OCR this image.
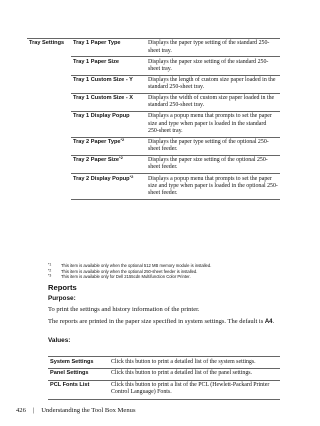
Tray Settings	Tray 1 Paper Type	Displays the paper type setting of the standard 250-sheet tray.
	Tray 1 Paper Size	Displays the paper size setting of the standard 250-sheet tray.
	Tray 1 Custom Size - Y	Displays the length of custom size paper loaded in the standard 250-sheet tray.
	Tray 1 Custom Size - X	Displays the width of custom size paper loaded in the standard 250-sheet tray.
	Tray 1 Display Popup	Displays a popup menu that prompts to set the paper size and type when paper is loaded in the standard 250-sheet tray.
	Tray 2 Paper Type$^{*2}$	Displays the paper type setting of the optional 250-sheet feeder.
	Tray 2 Paper Size$^{*2}$	Displays the paper size setting of the optional 250-sheet feeder.
	Tray 2 Display Popup$^{*2}$	Displays a popup menu that prompts to set the paper size and type when paper is loaded in the optional 250-sheet feeder.
$^{*1}$	This item is available only when the optional 512 MB memory module is installed.
$^{*2}$	This item is available only when the optional 250-sheet feeder is installed.
$^{*3}$	This item is available only for Dell 2155cdn Multifunction Color Printer.
Reports
Purpose:
To print the settings and history information of the printer.
The reports are printed in the paper size specified in system settings. The default is A4.
Values:
System Settings	Click this button to print a detailed list of the system settings.
Panel Settings	Click this button to print a detailed list of the panel settings.
PCL Fonts List	Click this button to print a list of the PCL (Hewlett-Packard Printer Control Language) Fonts.
426 | Understanding the Tool Box Menus
